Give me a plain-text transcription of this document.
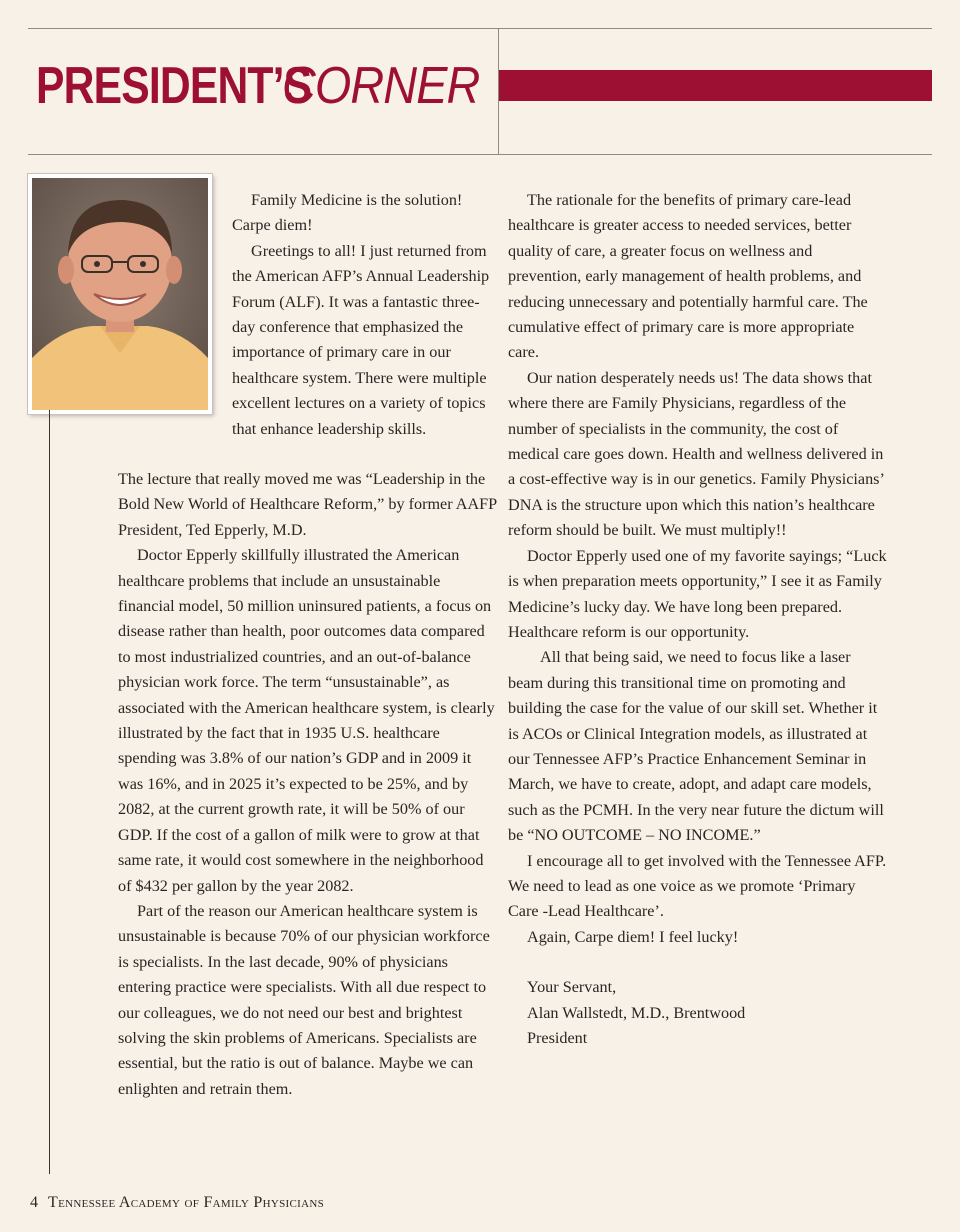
PRESIDENT’S
CORNER

Family Medicine is the solution! Carpe diem!

Greetings to all! I just returned from the American AFP’s Annual Leadership Forum (ALF). It was a fantastic three-day conference that emphasized the importance of primary care in our healthcare system. There were multiple excellent lectures on a variety of topics that enhance leadership skills.

The lecture that really moved me was “Leadership in the Bold New World of Healthcare Reform,” by former AAFP President, Ted Epperly, M.D.

Doctor Epperly skillfully illustrated the American healthcare problems that include an unsustainable financial model, 50 million uninsured patients, a focus on disease rather than health, poor outcomes data compared to most industrialized countries, and an out-of-balance physician work force. The term “unsustainable”, as associated with the American healthcare system, is clearly illustrated by the fact that in 1935 U.S. healthcare spending was 3.8% of our nation’s GDP and in 2009 it was 16%, and in 2025 it’s expected to be 25%, and by 2082, at the current growth rate, it will be 50% of our GDP. If the cost of a gallon of milk were to grow at that same rate, it would cost somewhere in the neighborhood of $432 per gallon by the year 2082.

Part of the reason our American healthcare system is unsustainable is because 70% of our physician workforce is specialists. In the last decade, 90% of physicians entering practice were specialists. With all due respect to our colleagues, we do not need our best and brightest solving the skin problems of Americans. Specialists are essential, but the ratio is out of balance. Maybe we can enlighten and retrain them.

The rationale for the benefits of primary care-lead healthcare is greater access to needed services, better quality of care, a greater focus on wellness and prevention, early management of health problems, and reducing unnecessary and potentially harmful care. The cumulative effect of primary care is more appropriate care.

Our nation desperately needs us! The data shows that where there are Family Physicians, regardless of the number of specialists in the community, the cost of medical care goes down. Health and wellness delivered in a cost-effective way is in our genetics. Family Physicians’ DNA is the structure upon which this nation’s healthcare reform should be built. We must multiply!!

Doctor Epperly used one of my favorite sayings; “Luck is when preparation meets opportunity,” I see it as Family Medicine’s lucky day. We have long been prepared. Healthcare reform is our opportunity.

All that being said, we need to focus like a laser beam during this transitional time on promoting and building the case for the value of our skill set. Whether it is ACOs or Clinical Integration models, as illustrated at our Tennessee AFP’s Practice Enhancement Seminar in March, we have to create, adopt, and adapt care models, such as the PCMH. In the very near future the dictum will be “NO OUTCOME – NO INCOME.”

I encourage all to get involved with the Tennessee AFP. We need to lead as one voice as we promote ‘Primary Care -Lead Healthcare’.

Again, Carpe diem! I feel lucky!

Your Servant,

Alan Wallstedt, M.D., Brentwood

President

4 Tennessee Academy of Family Physicians
